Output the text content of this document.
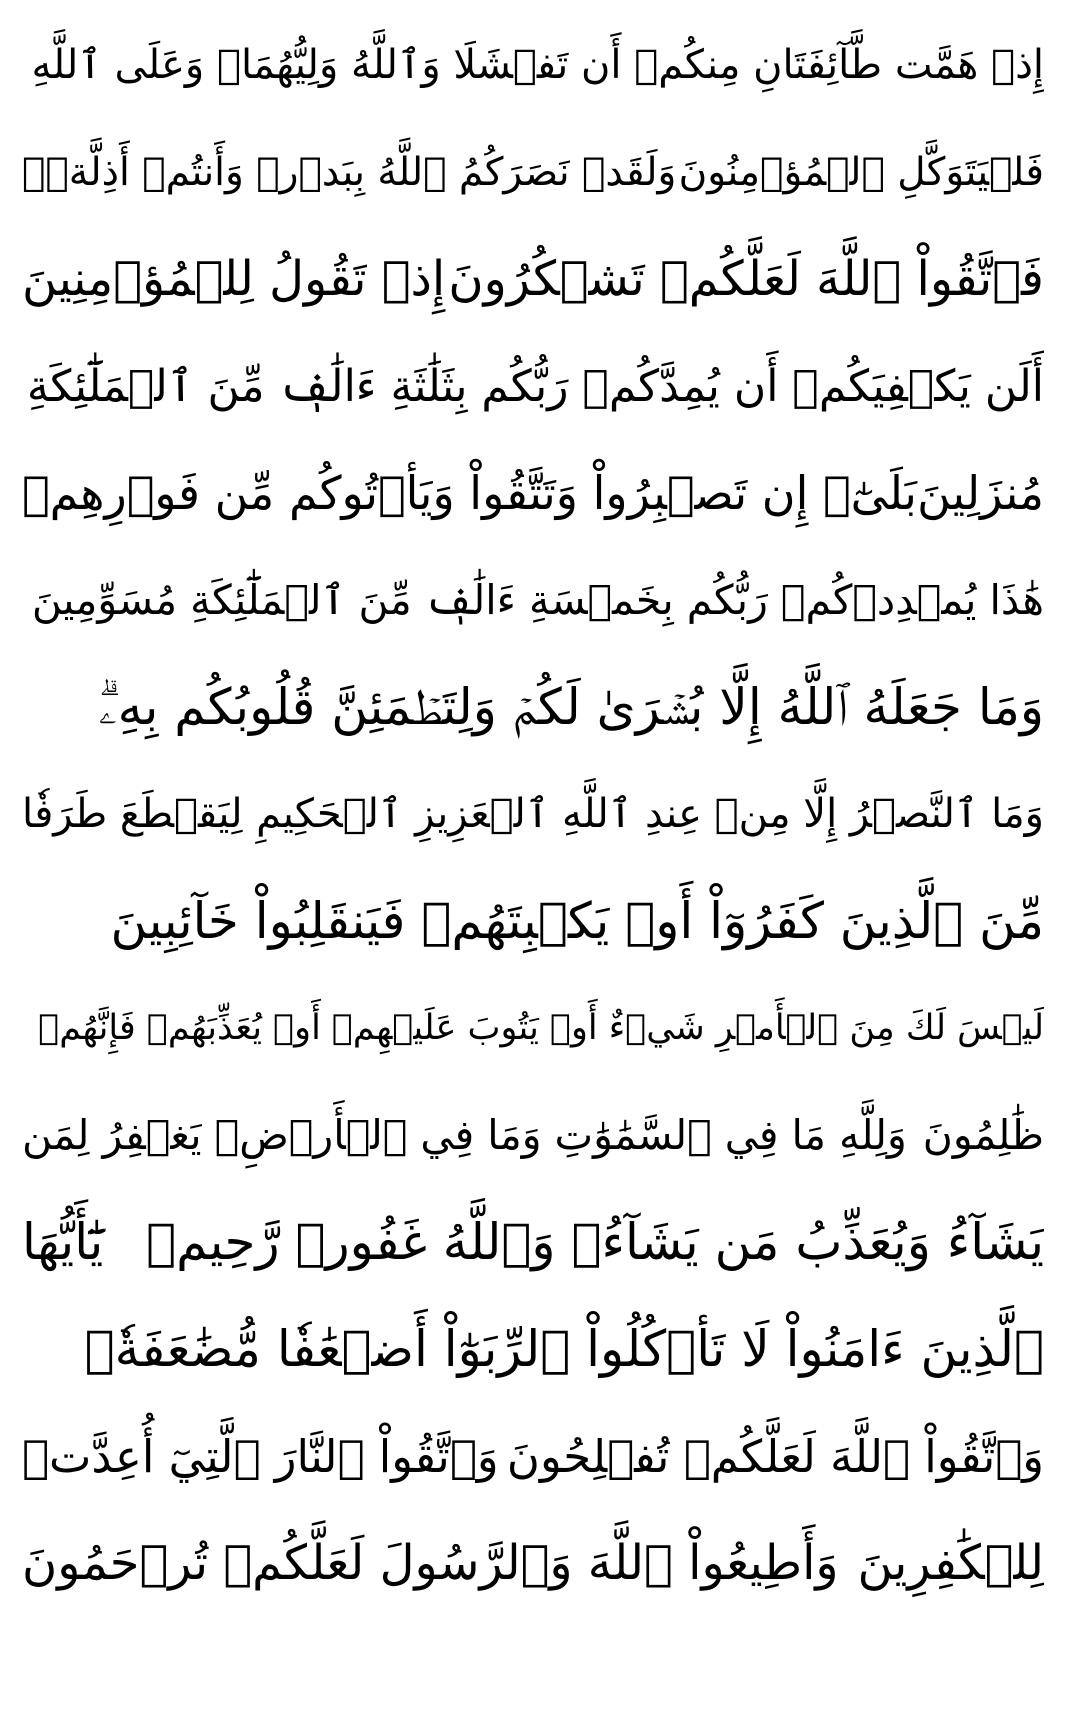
إِذۡ هَمَّت طَّآئِفَتَانِ مِنكُمۡ أَن تَفۡشَلَا وَٱللَّهُ وَلِيُّهُمَاۗ وَعَلَى ٱللَّهِ
فَلۡيَتَوَكَّلِ ٱلۡمُؤۡمِنُونَ
وَلَقَدۡ نَصَرَكُمُ ٱللَّهُ بِبَدۡرٖ وَأَنتُمۡ أَذِلَّةٞۖ
فَٱتَّقُواْ ٱللَّهَ لَعَلَّكُمۡ تَشۡكُرُونَ
إِذۡ تَقُولُ لِلۡمُؤۡمِنِينَ
أَلَن يَكۡفِيَكُمۡ أَن يُمِدَّكُمۡ رَبُّكُم بِثَلَٰثَةِ ءَالَٰفٖ مِّنَ ٱلۡمَلَٰٓئِكَةِ
مُنزَلِينَ
بَلَىٰٓۚ إِن تَصۡبِرُواْ وَتَتَّقُواْ وَيَأۡتُوكُم مِّن فَوۡرِهِمۡ
هَٰذَا يُمۡدِدۡكُمۡ رَبُّكُم بِخَمۡسَةِ ءَالَٰفٖ مِّنَ ٱلۡمَلَٰٓئِكَةِ مُسَوِّمِينَ
وَمَا جَعَلَهُ ٱللَّهُ إِلَّا بُشۡرَىٰ لَكُمۡ وَلِتَطۡمَئِنَّ قُلُوبُكُم بِهِۦۗ
وَمَا ٱلنَّصۡرُ إِلَّا مِنۡ عِندِ ٱللَّهِ ٱلۡعَزِيزِ ٱلۡحَكِيمِ
لِيَقۡطَعَ طَرَفٗا
مِّنَ ٱلَّذِينَ كَفَرُوٓاْ أَوۡ يَكۡبِتَهُمۡ فَيَنقَلِبُواْ خَآئِبِينَ
لَيۡسَ لَكَ مِنَ ٱلۡأَمۡرِ شَيۡءٌ أَوۡ يَتُوبَ عَلَيۡهِمۡ أَوۡ يُعَذِّبَهُمۡ فَإِنَّهُمۡ
ظَٰلِمُونَ
وَلِلَّهِ مَا فِي ٱلسَّمَٰوَٰتِ وَمَا فِي ٱلۡأَرۡضِۚ يَغۡفِرُ لِمَن
يَشَآءُ وَيُعَذِّبُ مَن يَشَآءُۚ وَٱللَّهُ غَفُورٞ رَّحِيمٞ
يَٰٓأَيُّهَا
ٱلَّذِينَ ءَامَنُواْ لَا تَأۡكُلُواْ ٱلرِّبَوٰٓاْ أَضۡعَٰفٗا مُّضَٰعَفَةٗۖ
وَٱتَّقُواْ ٱللَّهَ لَعَلَّكُمۡ تُفۡلِحُونَ
وَٱتَّقُواْ ٱلنَّارَ ٱلَّتِيٓ أُعِدَّتۡ
لِلۡكَٰفِرِينَ
وَأَطِيعُواْ ٱللَّهَ وَٱلرَّسُولَ لَعَلَّكُمۡ تُرۡحَمُونَ
